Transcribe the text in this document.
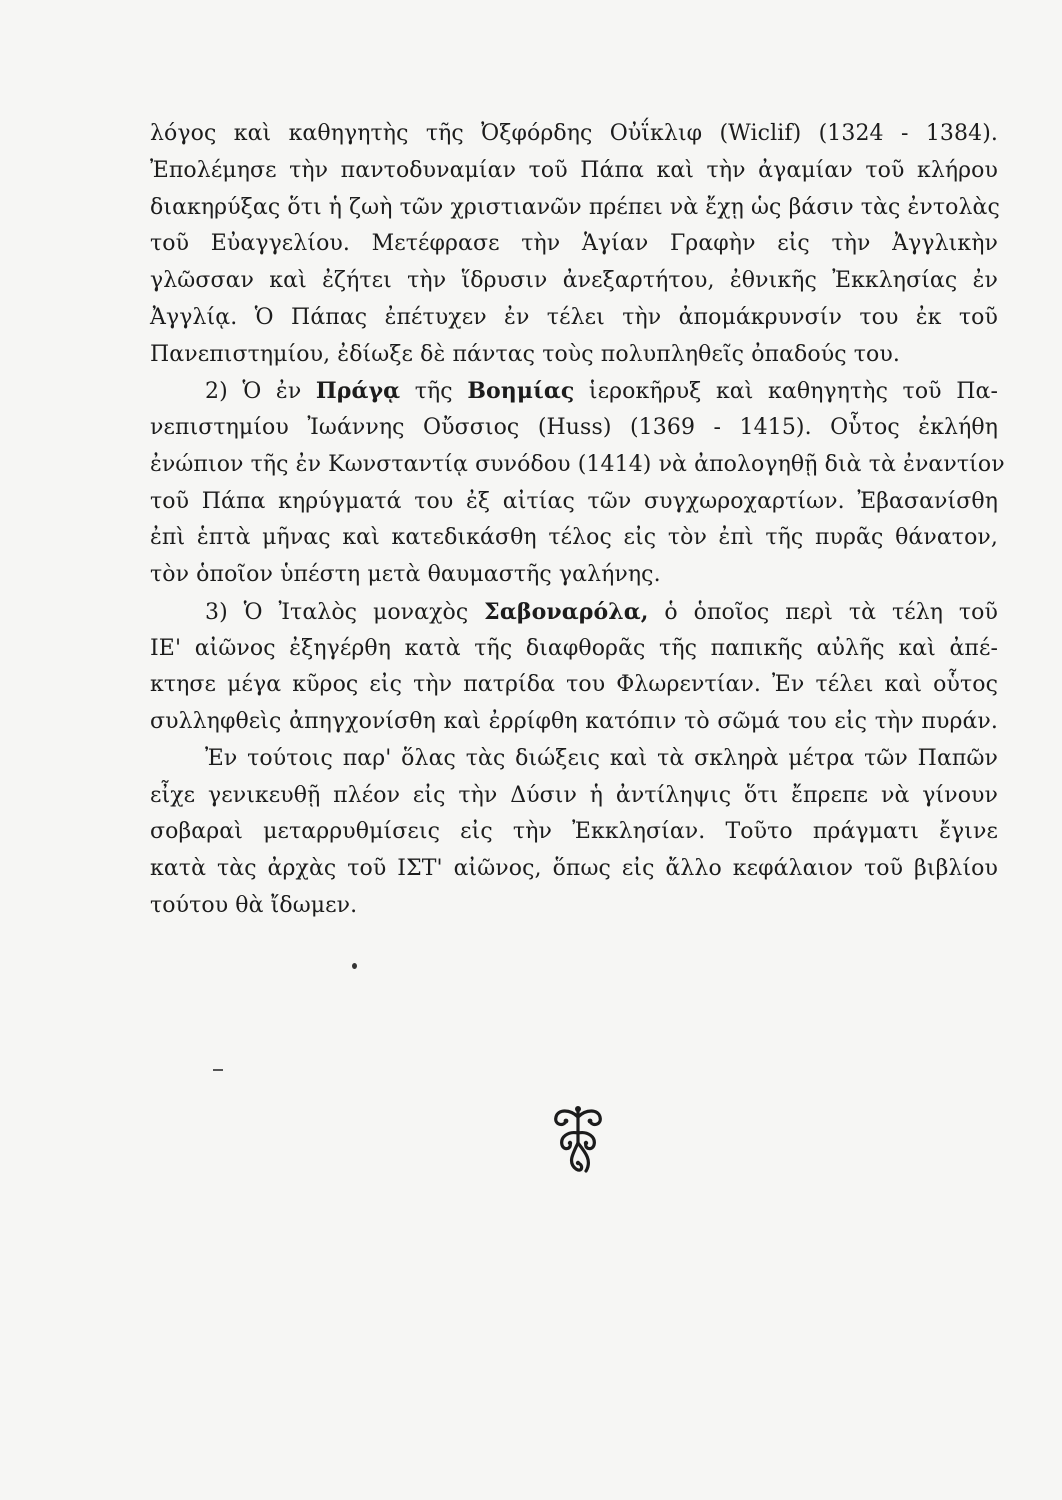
λόγος καὶ καθηγητὴς τῆς Ὀξφόρδης Οὐΐκλιφ (Wiclif) (1324 - 1384).
Ἐπολέμησε τὴν παντοδυναμίαν τοῦ Πάπα καὶ τὴν ἀγαμίαν τοῦ κλήρου
διακηρύξας ὅτι ἡ ζωὴ τῶν χριστιανῶν πρέπει νὰ ἔχῃ ὡς βάσιν τὰς ἐντολὰς
τοῦ Εὐαγγελίου. Μετέφρασε τὴν Ἁγίαν Γραφὴν εἰς τὴν Ἀγγλικὴν
γλῶσσαν καὶ ἐζήτει τὴν ἵδρυσιν ἀνεξαρτήτου, ἐθνικῆς Ἐκκλησίας ἐν
Ἀγγλίᾳ. Ὁ Πάπας ἐπέτυχεν ἐν τέλει τὴν ἀπομάκρυνσίν του ἐκ τοῦ
Πανεπιστημίου, ἐδίωξε δὲ πάντας τοὺς πολυπληθεῖς ὀπαδούς του.
2) Ὁ ἐν Πράγᾳ τῆς Βοημίας ἱεροκῆρυξ καὶ καθηγητὴς τοῦ Πα-
νεπιστημίου Ἰωάννης Οὔσσιος (Huss) (1369 - 1415). Οὗτος ἐκλήθη
ἐνώπιον τῆς ἐν Κωνσταντίᾳ συνόδου (1414) νὰ ἀπολογηθῇ διὰ τὰ ἐναντίον
τοῦ Πάπα κηρύγματά του ἐξ αἰτίας τῶν συγχωροχαρτίων. Ἐβασανίσθη
ἐπὶ ἑπτὰ μῆνας καὶ κατεδικάσθη τέλος εἰς τὸν ἐπὶ τῆς πυρᾶς θάνατον,
τὸν ὁποῖον ὑπέστη μετὰ θαυμαστῆς γαλήνης.
3) Ὁ Ἰταλὸς μοναχὸς Σαβοναρόλα, ὁ ὁποῖος περὶ τὰ τέλη τοῦ
ΙΕ' αἰῶνος ἐξηγέρθη κατὰ τῆς διαφθορᾶς τῆς παπικῆς αὐλῆς καὶ ἀπέ-
κτησε μέγα κῦρος εἰς τὴν πατρίδα του Φλωρεντίαν. Ἐν τέλει καὶ οὗτος
συλληφθεὶς ἀπηγχονίσθη καὶ ἐρρίφθη κατόπιν τὸ σῶμά του εἰς τὴν πυράν.
Ἐν τούτοις παρ' ὅλας τὰς διώξεις καὶ τὰ σκληρὰ μέτρα τῶν Παπῶν
εἶχε γενικευθῇ πλέον εἰς τὴν Δύσιν ἡ ἀντίληψις ὅτι ἔπρεπε νὰ γίνουν
σοβαραὶ μεταρρυθμίσεις εἰς τὴν Ἐκκλησίαν. Τοῦτο πράγματι ἔγινε
κατὰ τὰς ἀρχὰς τοῦ ΙΣΤ' αἰῶνος, ὅπως εἰς ἄλλο κεφάλαιον τοῦ βιβλίου
τούτου θὰ ἴδωμεν.
